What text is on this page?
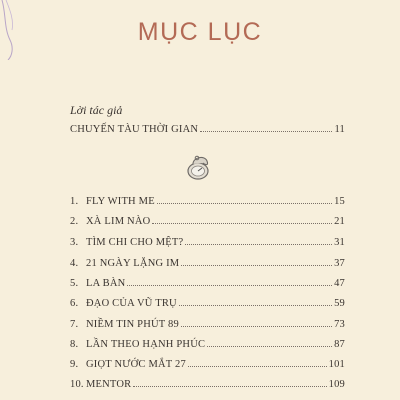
MỤC LỤC
Lời tác giả
CHUYẾN TÀU THỜI GIAN	11
1. FLY WITH ME	15
2. XÀ LIM NÀO	21
3. TÌM CHI CHO MỆT?	31
4. 21 NGÀY LẶNG IM	37
5. LA BÀN	47
6. ĐẠO CỦA VŨ TRỤ	59
7. NIỀM TIN PHÚT 89	73
8. LẦN THEO HẠNH PHÚC	87
9. GIỌT NƯỚC MẮT 27	101
10. MENTOR	109
